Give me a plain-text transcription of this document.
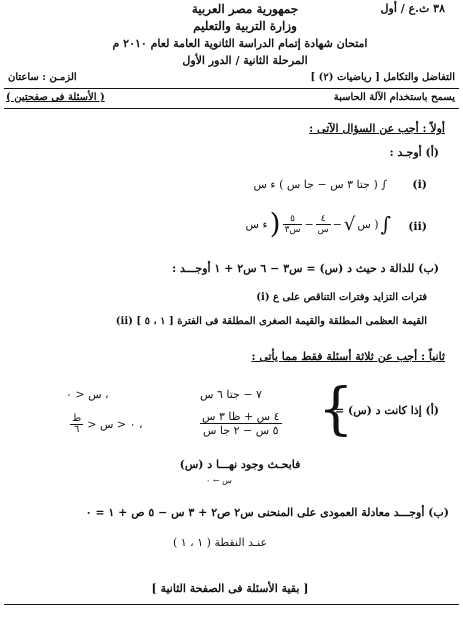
٣٨ ث.ع / أول
جمهورية مصر العربية
وزارة التربية والتعليم
امتحان شهادة إتمام الدراسة الثانوية العامة لعام ٢٠١٠ م
المرحلة الثانية / الدور الأول
التفاضل والتكامل [ رياضيات (٢) ]
الزمـن : ساعتان
يسمح باستخدام الآلة الحاسبة
( الأسئلة فى صفحتين )
أولاً : أجب عن السؤال الآتى :
(أ) أوجـد :
(i)
∫ ( جتا ٣ س − جا س ) ء س
(ii)
ء س ) $\frac{٥}{\text{س٣}} - \frac{٤}{\text{س}}$ − √ ( س ∫
(ب) للدالة د حيث د (س) = س٣ − ٦ س٢ + ١ أوجـــد :
(i) فترات التزايد وفترات التناقص على ع
(ii) القيمة العظمى المطلقة والقيمة الصغرى المطلقة فى الفترة [ ١ ، ٥ ]
ثانياً : أجب عن ثلاثة أسئلة فقط مما يأتى :
(أ) إذا كانت د (س) =
{
٧ − جتا ٦ س
، س < ٠
٤ س + ظا ٣ س
٥ س − ٢ جا س
$\frac{\text{ط}}{٦}$ ، ٠ < س <
فابحـث وجود نهـــا د (س)
س ← ٠
(ب) أوجـــد معادلة العمودى على المنحنى س٢ ص٢ + ٣ س − ٥ ص + ١ = ٠
عنـد النقطة ( ١ ، ١ )
[ بقية الأسئلة فى الصفحة الثانية ]
